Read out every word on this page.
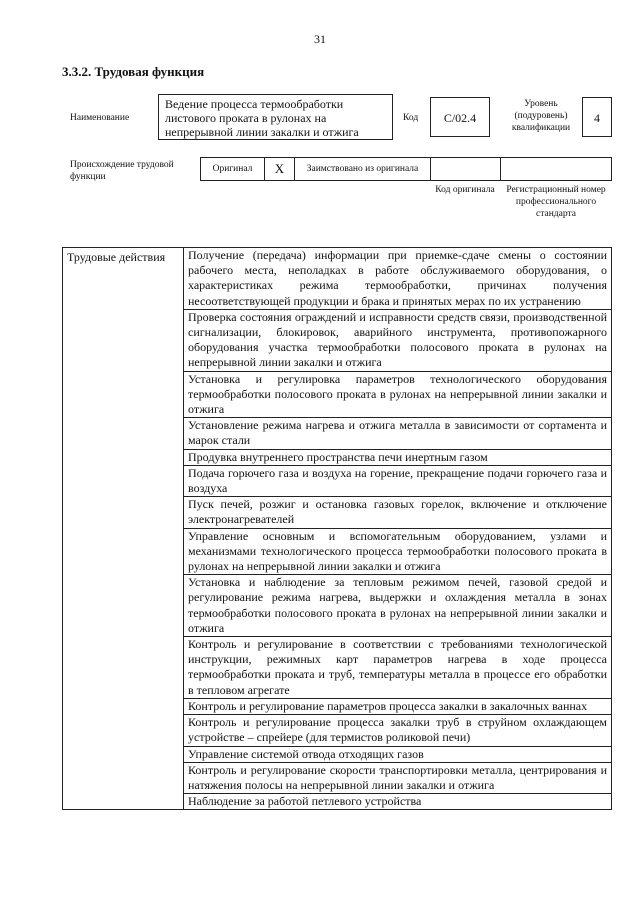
31
3.3.2. Трудовая функция
Наименование
Ведение процесса термообработки листового проката в рулонах на непрерывной линии закалки и отжига
Код	С/02.4
Уровень (подуровень) квалификации
4
Происхождение трудовой функции
Оригинал	X	Заимствовано из оригинала
Код оригинала	Регистрационный номер профессионального стандарта
Трудовые действия	Получение (передача) информации при приемке-сдаче смены о состоянии рабочего места, неполадках в работе обслуживаемого оборудования, о характеристиках режима термообработки, причинах получения несоответствующей продукции и брака и принятых мерах по их устранению
Проверка состояния ограждений и исправности средств связи, производственной сигнализации, блокировок, аварийного инструмента, противопожарного оборудования участка термообработки полосового проката в рулонах на непрерывной линии закалки и отжига
Установка и регулировка параметров технологического оборудования термообработки полосового проката в рулонах на непрерывной линии закалки и отжига
Установление режима нагрева и отжига металла в зависимости от сортамента и марок стали
Продувка внутреннего пространства печи инертным газом
Подача горючего газа и воздуха на горение, прекращение подачи горючего газа и воздуха
Пуск печей, розжиг и остановка газовых горелок, включение и отключение электронагревателей
Управление основным и вспомогательным оборудованием, узлами и механизмами технологического процесса термообработки полосового проката в рулонах на непрерывной линии закалки и отжига
Установка и наблюдение за тепловым режимом печей, газовой средой и регулирование режима нагрева, выдержки и охлаждения металла в зонах термообработки полосового проката в рулонах на непрерывной линии закалки и отжига
Контроль и регулирование в соответствии с требованиями технологической инструкции, режимных карт параметров нагрева в ходе процесса термообработки проката и труб, температуры металла в процессе его обработки в тепловом агрегате
Контроль и регулирование параметров процесса закалки в закалочных ваннах
Контроль и регулирование процесса закалки труб в струйном охлаждающем устройстве – спрейере (для термистов роликовой печи)
Управление системой отвода отходящих газов
Контроль и регулирование скорости транспортировки металла, центрирования и натяжения полосы на непрерывной линии закалки и отжига
Наблюдение за работой петлевого устройства
